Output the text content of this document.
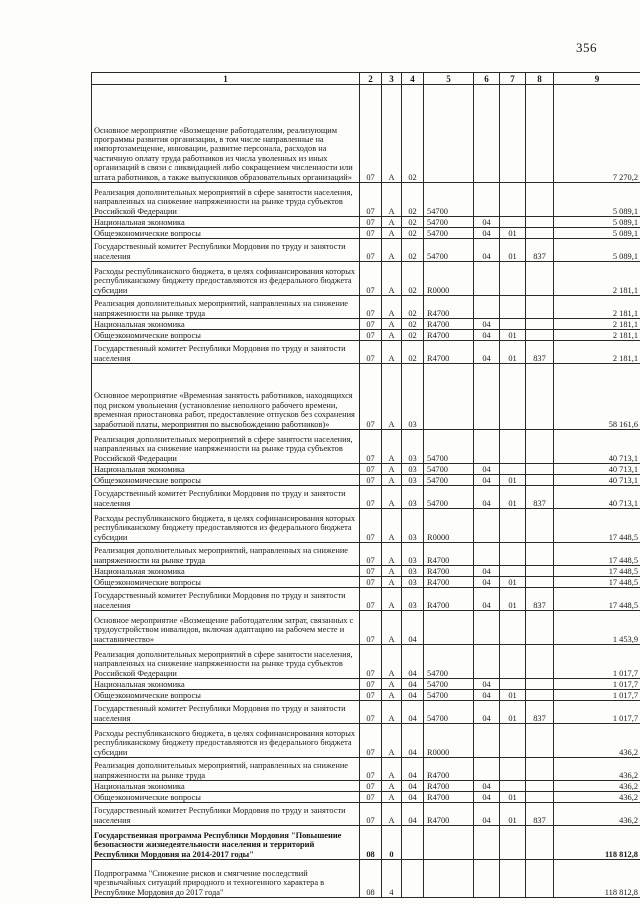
356
1	2	3	4	5	6	7	8	9
Основное мероприятие «Возмещение работодателям, реализующим программы развития организации, в том числе направленные на импортозамещение, инновации, развитие персонала, расходов на частичную оплату труда работников из числа уволенных из иных организаций в связи с ликвидацией либо сокращением численности или штата работников, а также выпускников образовательных организаций»	07	А	02					7 270,2
Реализация дополнительных мероприятий в сфере занятости населения, направленных на снижение напряженности на рынке труда субъектов Российской Федерации	07	А	02	54700				5 089,1
Национальная экономика	07	А	02	54700	04			5 089,1
Общеэкономические вопросы	07	А	02	54700	04	01		5 089,1
Государственный комитет Республики Мордовия по труду и занятости населения	07	А	02	54700	04	01	837	5 089,1
Расходы республиканского бюджета, в целях софинансирования которых республиканскому бюджету предоставляются из федерального бюджета субсидии	07	А	02	R0000				2 181,1
Реализация дополнительных мероприятий, направленных на снижение напряженности на рынке труда	07	А	02	R4700				2 181,1
Национальная экономика	07	А	02	R4700	04			2 181,1
Общеэкономические вопросы	07	А	02	R4700	04	01		2 181,1
Государственный комитет Республики Мордовия по труду и занятости населения	07	А	02	R4700	04	01	837	2 181,1
Основное мероприятие «Временная занятость работников, находящихся под риском увольнения (установление неполного рабочего времени, временная приостановка работ, предоставление отпусков без сохранения заработной платы, мероприятия по высвобождению работников)»	07	А	03					58 161,6
Реализация дополнительных мероприятий в сфере занятости населения, направленных на снижение напряженности на рынке труда субъектов Российской Федерации	07	А	03	54700				40 713,1
Национальная экономика	07	А	03	54700	04			40 713,1
Общеэкономические вопросы	07	А	03	54700	04	01		40 713,1
Государственный комитет Республики Мордовия по труду и занятости населения	07	А	03	54700	04	01	837	40 713,1
Расходы республиканского бюджета, в целях софинансирования которых республиканскому бюджету предоставляются из федерального бюджета субсидии	07	А	03	R0000				17 448,5
Реализация дополнительных мероприятий, направленных на снижение напряженности на рынке труда	07	А	03	R4700				17 448,5
Национальная экономика	07	А	03	R4700	04			17 448,5
Общеэкономические вопросы	07	А	03	R4700	04	01		17 448,5
Государственный комитет Республики Мордовия по труду и занятости населения	07	А	03	R4700	04	01	837	17 448,5
Основное мероприятие «Возмещение работодателям затрат, связанных с трудоустройством инвалидов, включая адаптацию на рабочем месте и наставничество»	07	А	04					1 453,9
Реализация дополнительных мероприятий в сфере занятости населения, направленных на снижение напряженности на рынке труда субъектов Российской Федерации	07	А	04	54700				1 017,7
Национальная экономика	07	А	04	54700	04			1 017,7
Общеэкономические вопросы	07	А	04	54700	04	01		1 017,7
Государственный комитет Республики Мордовия по труду и занятости населения	07	А	04	54700	04	01	837	1 017,7
Расходы республиканского бюджета, в целях софинансирования которых республиканскому бюджету предоставляются из федерального бюджета субсидии	07	А	04	R0000				436,2
Реализация дополнительных мероприятий, направленных на снижение напряженности на рынке труда	07	А	04	R4700				436,2
Национальная экономика	07	А	04	R4700	04			436,2
Общеэкономические вопросы	07	А	04	R4700	04	01		436,2
Государственный комитет Республики Мордовия по труду и занятости населения	07	А	04	R4700	04	01	837	436,2
Государственная программа Республики Мордовия "Повышение безопасности жизнедеятельности населения и территорий Республики Мордовия на 2014-2017 годы"	08	0						118 812,8
Подпрограмма "Снижение рисков и смягчение последствий чрезвычайных ситуаций природного и техногенного характера в Республике Мордовия до 2017 года"	08	4						118 812,8
